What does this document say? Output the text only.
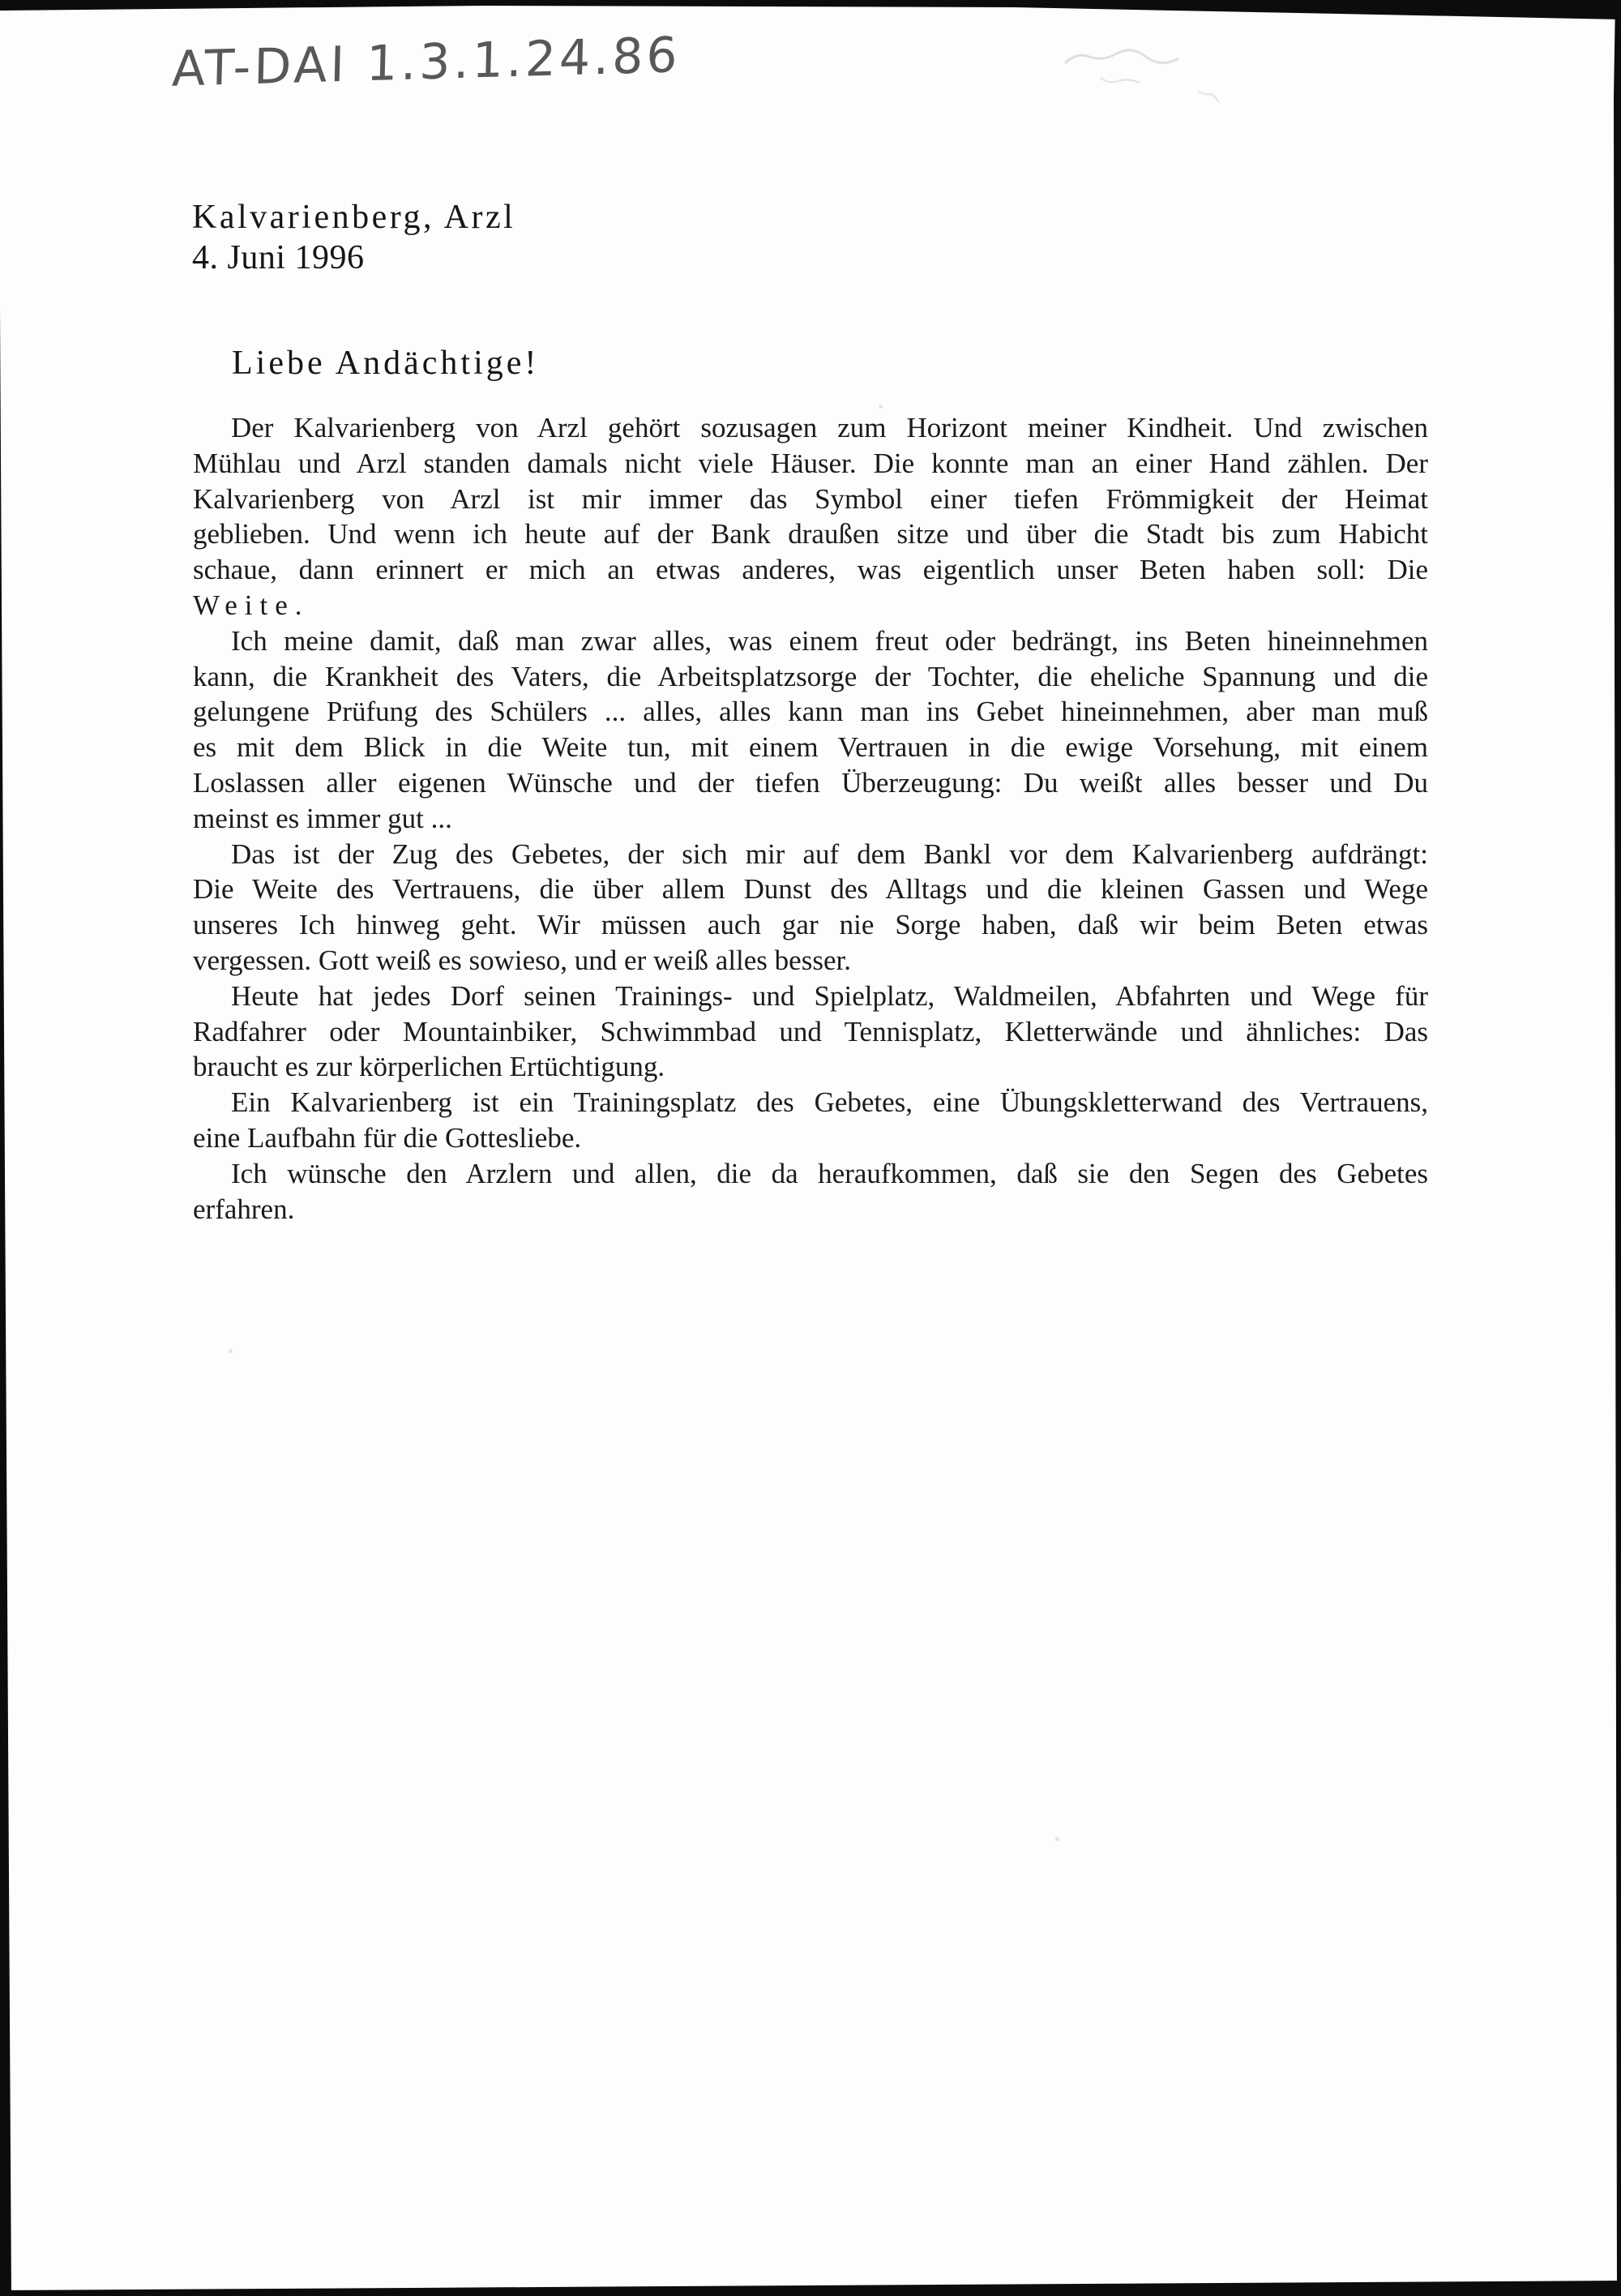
AT-DAI 1.3.1.24.86
Kalvarienberg, Arzl
4. Juni 1996
Liebe Andächtige!
Der Kalvarienberg von Arzl gehört sozusagen zum Horizont meiner Kindheit. Und zwischen
Mühlau und Arzl standen damals nicht viele Häuser. Die konnte man an einer Hand zählen. Der
Kalvarienberg von Arzl ist mir immer das Symbol einer tiefen Frömmigkeit der Heimat
geblieben. Und wenn ich heute auf der Bank draußen sitze und über die Stadt bis zum Habicht
schaue, dann erinnert er mich an etwas anderes, was eigentlich unser Beten haben soll: Die
Weite.
Ich meine damit, daß man zwar alles, was einem freut oder bedrängt, ins Beten hineinnehmen
kann, die Krankheit des Vaters, die Arbeitsplatzsorge der Tochter, die eheliche Spannung und die
gelungene Prüfung des Schülers ... alles, alles kann man ins Gebet hineinnehmen, aber man muß
es mit dem Blick in die Weite tun, mit einem Vertrauen in die ewige Vorsehung, mit einem
Loslassen aller eigenen Wünsche und der tiefen Überzeugung: Du weißt alles besser und Du
meinst es immer gut ...
Das ist der Zug des Gebetes, der sich mir auf dem Bankl vor dem Kalvarienberg aufdrängt:
Die Weite des Vertrauens, die über allem Dunst des Alltags und die kleinen Gassen und Wege
unseres Ich hinweg geht. Wir müssen auch gar nie Sorge haben, daß wir beim Beten etwas
vergessen. Gott weiß es sowieso, und er weiß alles besser.
Heute hat jedes Dorf seinen Trainings- und Spielplatz, Waldmeilen, Abfahrten und Wege für
Radfahrer oder Mountainbiker, Schwimmbad und Tennisplatz, Kletterwände und ähnliches: Das
braucht es zur körperlichen Ertüchtigung.
Ein Kalvarienberg ist ein Trainingsplatz des Gebetes, eine Übungskletterwand des Vertrauens,
eine Laufbahn für die Gottesliebe.
Ich wünsche den Arzlern und allen, die da heraufkommen, daß sie den Segen des Gebetes
erfahren.
